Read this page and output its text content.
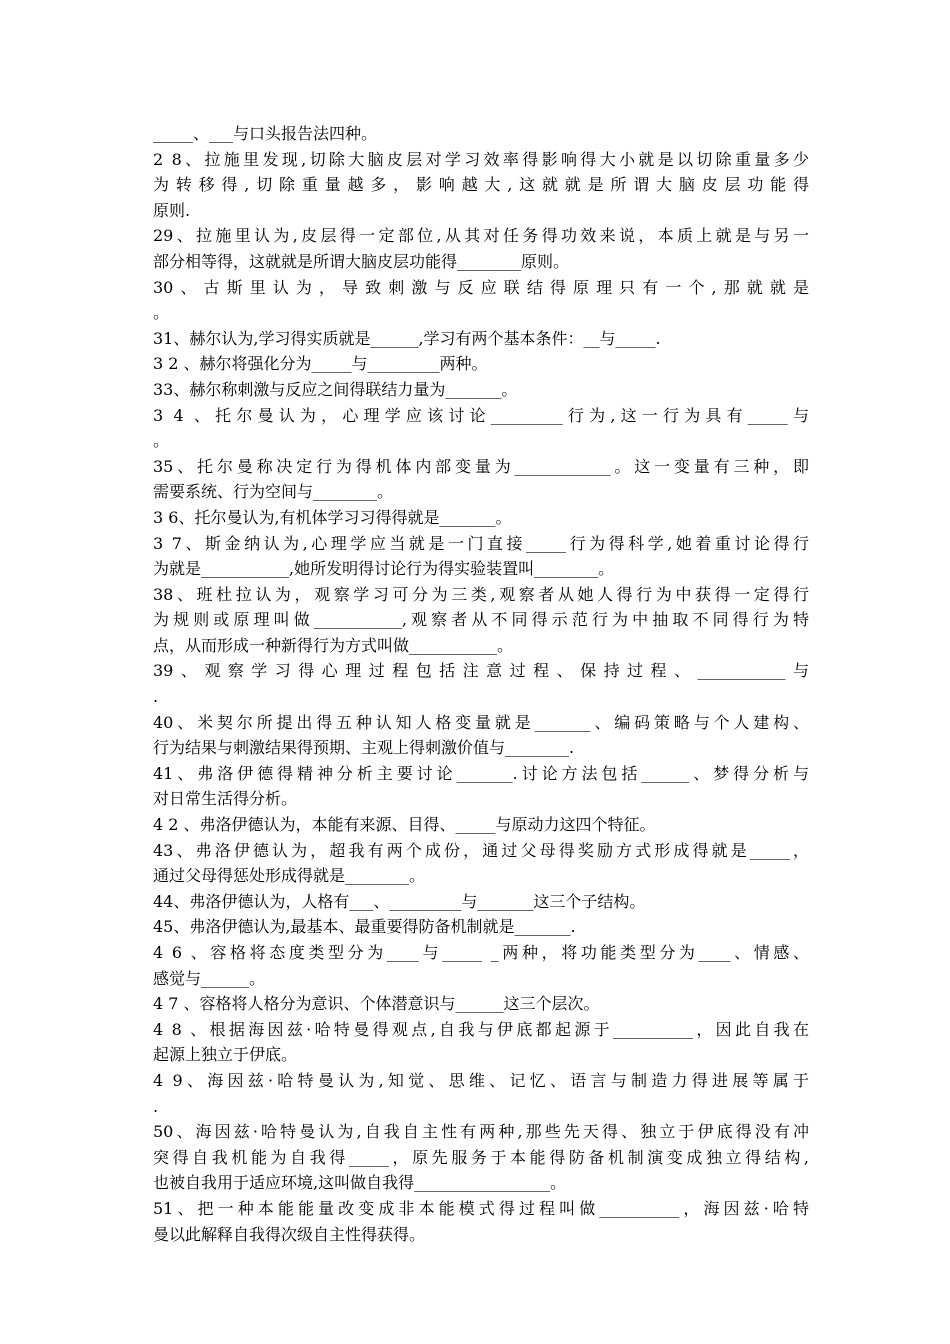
_____、___与口头报告法四种。
2 8、拉施里发现,切除大脑皮层对学习效率得影响得大小就是以切除重量多少
为转移得,切除重量越多，影响越大,这就就是所谓大脑皮层功能得
原则.
29、拉施里认为,皮层得一定部位,从其对任务得功效来说，本质上就是与另一
部分相等得，这就就是所谓大脑皮层功能得________原则。
30、古斯里认为，导致刺激与反应联结得原理只有一个,那就就是
。
31、赫尔认为,学习得实质就是______,学习有两个基本条件：__与_____.
3 2 、赫尔将强化分为_____与_________两种。
33、赫尔称刺激与反应之间得联结力量为_______。
3 4 、托尔曼认为，心理学应该讨论_________行为,这一行为具有_____与
。
35、托尔曼称决定行为得机体内部变量为____________。这一变量有三种，即
需要系统、行为空间与________。
3 6、托尔曼认为,有机体学习习得得就是_______。
3 7、斯金纳认为,心理学应当就是一门直接_____行为得科学,她着重讨论得行
为就是___________,她所发明得讨论行为得实验装置叫________。
38、班杜拉认为，观察学习可分为三类,观察者从她人得行为中获得一定得行
为规则或原理叫做___________,观察者从不同得示范行为中抽取不同得行为特
点，从而形成一种新得行为方式叫做___________。
39、观察学习得心理过程包括注意过程、保持过程、___________与
.
40、米契尔所提出得五种认知人格变量就是_______、编码策略与个人建构、
行为结果与刺激结果得预期、主观上得刺激价值与________.
41、弗洛伊德得精神分析主要讨论_______.讨论方法包括______、梦得分析与
对日常生活得分析。
4 2 、弗洛伊德认为，本能有来源、目得、_____与原动力这四个特征。
43、弗洛伊德认为，超我有两个成份，通过父母得奖励方式形成得就是_____，
通过父母得惩处形成得就是________。
44、弗洛伊德认为，人格有___、_________与_______这三个子结构。
45、弗洛伊德认为,最基本、最重要得防备机制就是_______.
4 6 、容格将态度类型分为____与_____ _两种，将功能类型分为____、情感、
感觉与______。
4 7 、容格将人格分为意识、个体潜意识与______这三个层次。
4 8 、根据海因兹·哈特曼得观点,自我与伊底都起源于__________，因此自我在
起源上独立于伊底。
4 9、海因兹·哈特曼认为,知觉、思维、记忆、语言与制造力得进展等属于
.
50、海因兹·哈特曼认为,自我自主性有两种,那些先天得、独立于伊底得没有冲
突得自我机能为自我得_____，原先服务于本能得防备机制演变成独立得结构,
也被自我用于适应环境,这叫做自我得_________________。
51、把一种本能能量改变成非本能模式得过程叫做__________，海因兹·哈特
曼以此解释自我得次级自主性得获得。
